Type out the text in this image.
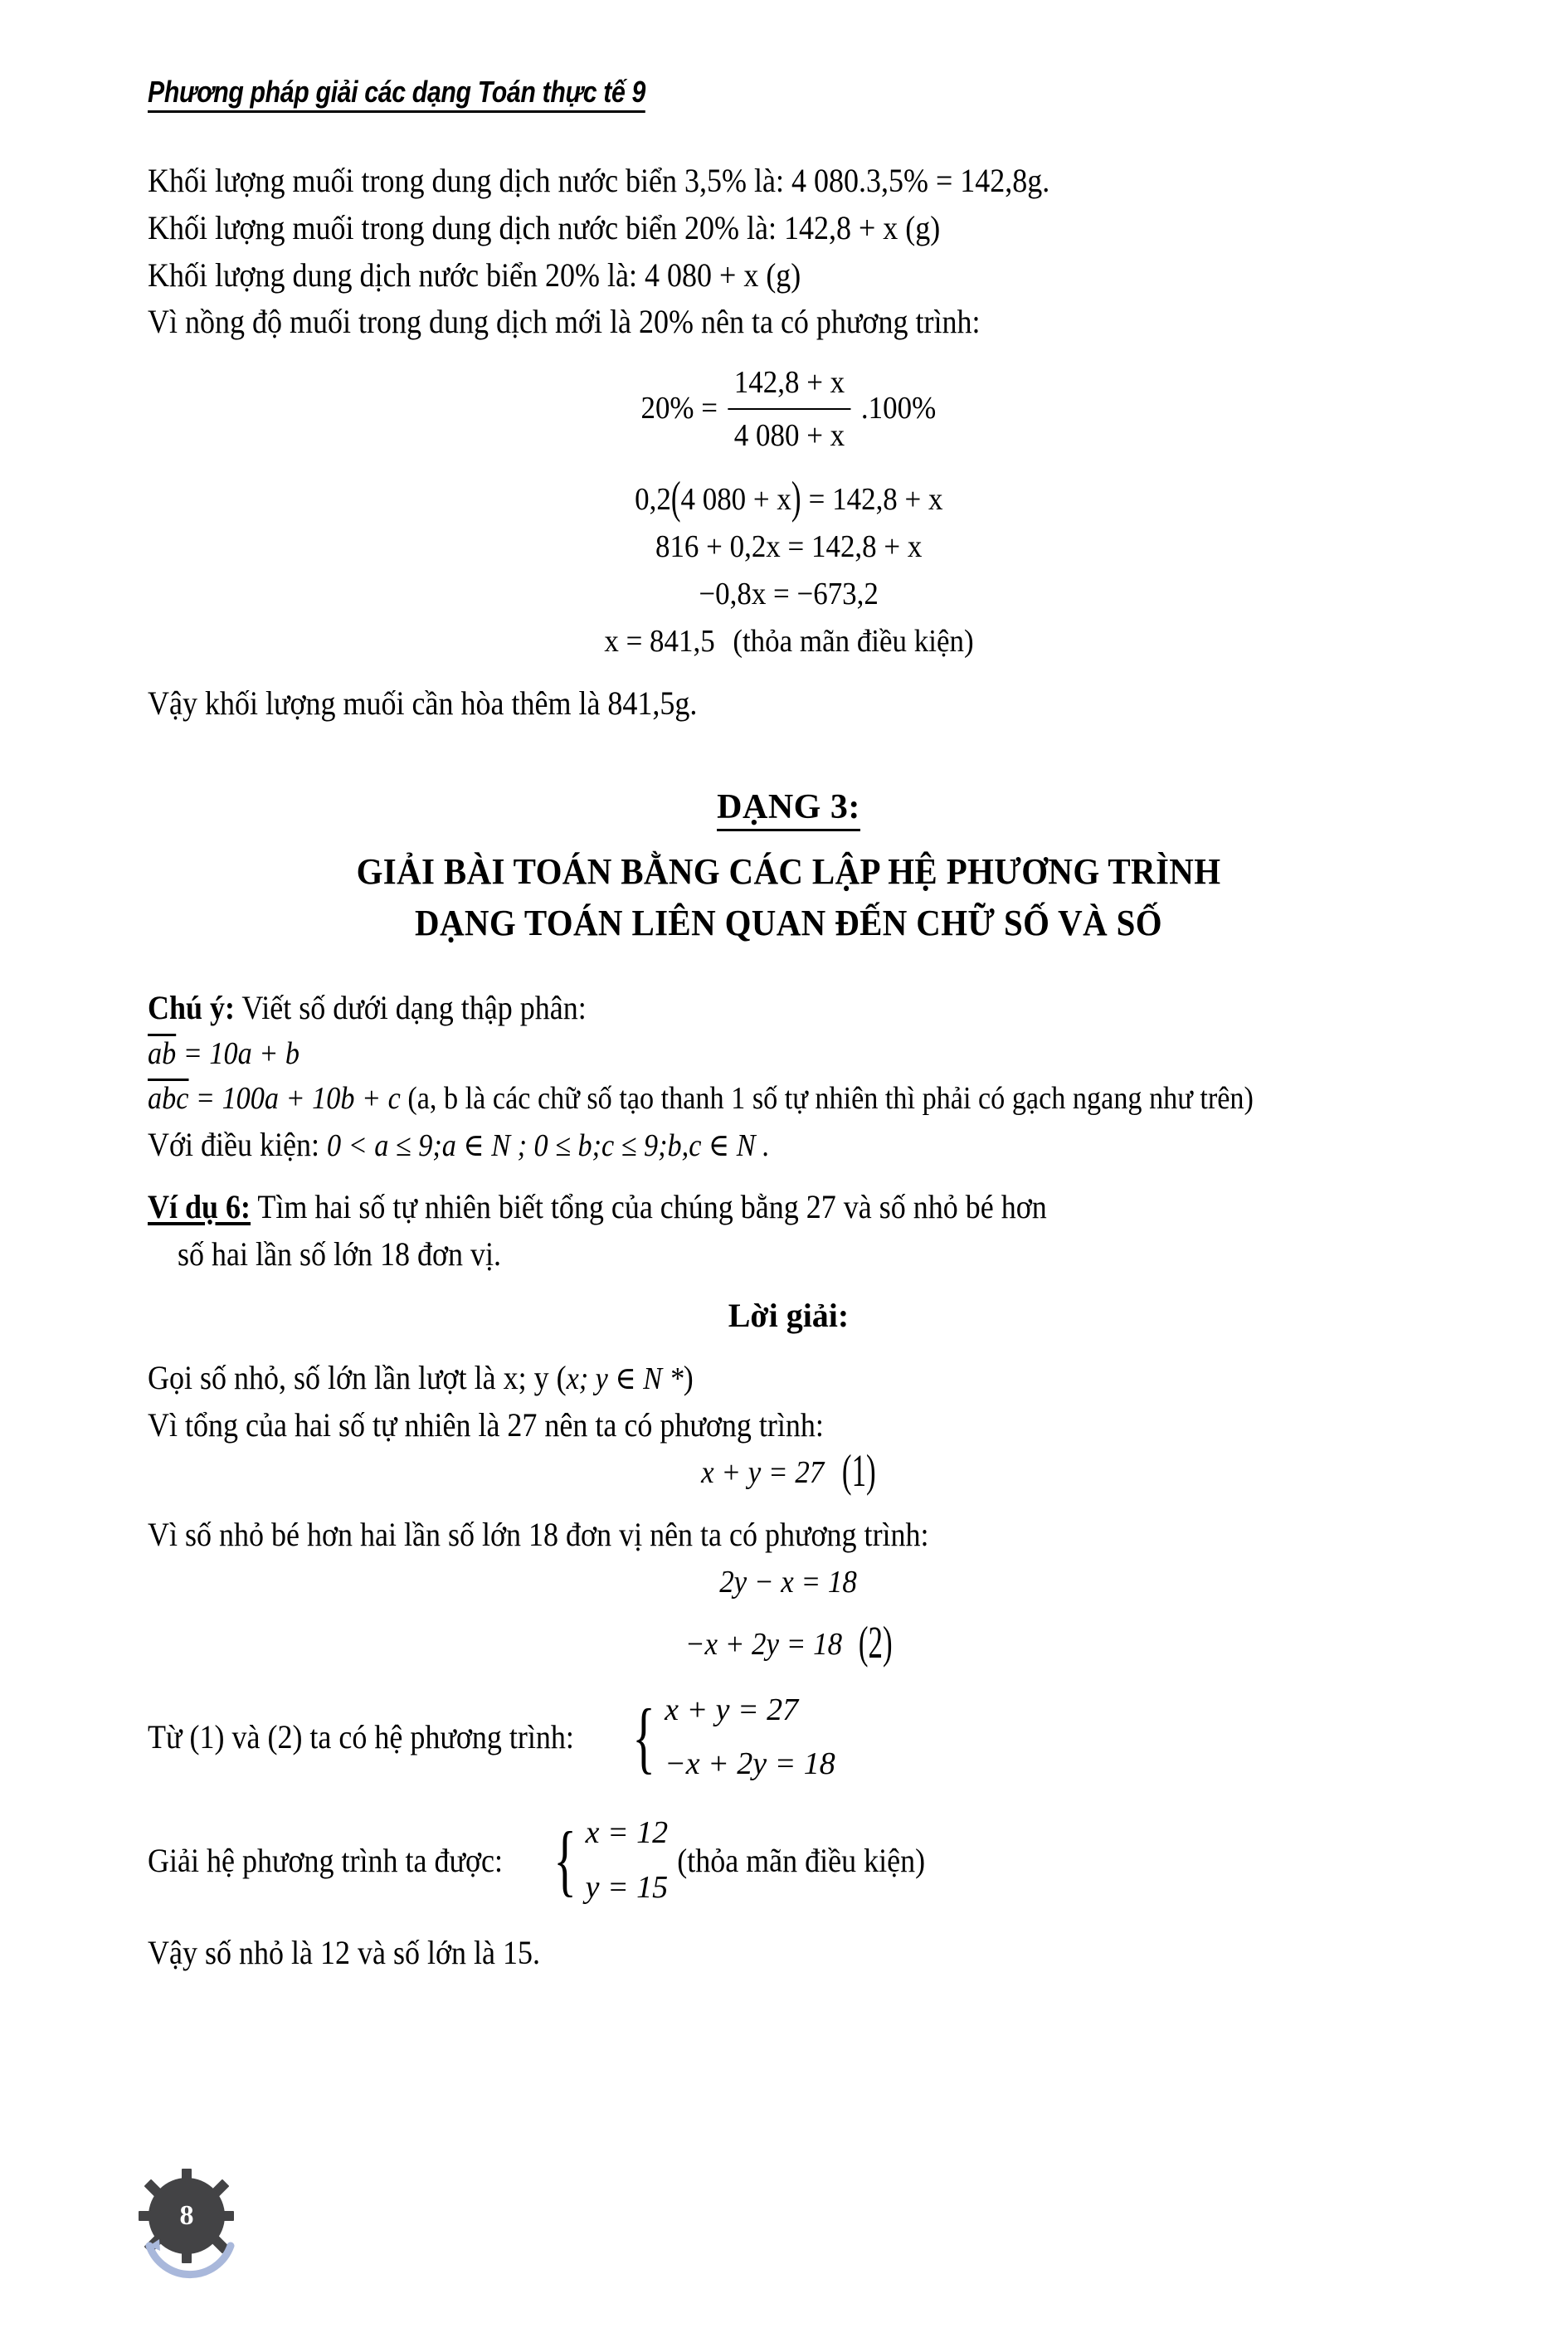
Phương pháp giải các dạng Toán thực tế 9
Khối lượng muối trong dung dịch nước biển 3,5% là: 4 080.3,5% = 142,8g.
Khối lượng muối trong dung dịch nước biển 20% là: 142,8 + x (g)
Khối lượng dung dịch nước biển 20% là: 4 080 + x (g)
Vì nồng độ muối trong dung dịch mới là 20% nên ta có phương trình:
$20\% = \frac{142,8 + x}{4 080 + x} .100\%$
0,2(4 080 + x) = 142,8 + x
816 + 0,2x = 142,8 + x
−0,8x = −673,2
x = 841,5 (thỏa mãn điều kiện)
Vậy khối lượng muối cần hòa thêm là 841,5g.
DẠNG 3:
GIẢI BÀI TOÁN BẰNG CÁC LẬP HỆ PHƯƠNG TRÌNH
DẠNG TOÁN LIÊN QUAN ĐẾN CHỮ SỐ VÀ SỐ
Chú ý: Viết số dưới dạng thập phân:
ab = 10a + b
abc = 100a + 10b + c (a, b là các chữ số tạo thanh 1 số tự nhiên thì phải có gạch ngang như trên)
Với điều kiện: 0 < a ≤ 9;a ∈ N ; 0 ≤ b;c ≤ 9;b,c ∈ N .
Ví dụ 6: Tìm hai số tự nhiên biết tổng của chúng bằng 27 và số nhỏ bé hơn
số hai lần số lớn 18 đơn vị.
Lời giải:
Gọi số nhỏ, số lớn lần lượt là x; y (x; y ∈ N *)
Vì tổng của hai số tự nhiên là 27 nên ta có phương trình:
x + y = 27 (1)
Vì số nhỏ bé hơn hai lần số lớn 18 đơn vị nên ta có phương trình:
2y − x = 18
−x + 2y = 18 (2)
Từ (1) và (2) ta có hệ phương trình: { x + y = 27
−x + 2y = 18
Giải hệ phương trình ta được: { x = 12
y = 15
(thỏa mãn điều kiện)
Vậy số nhỏ là 12 và số lớn là 15.
8
